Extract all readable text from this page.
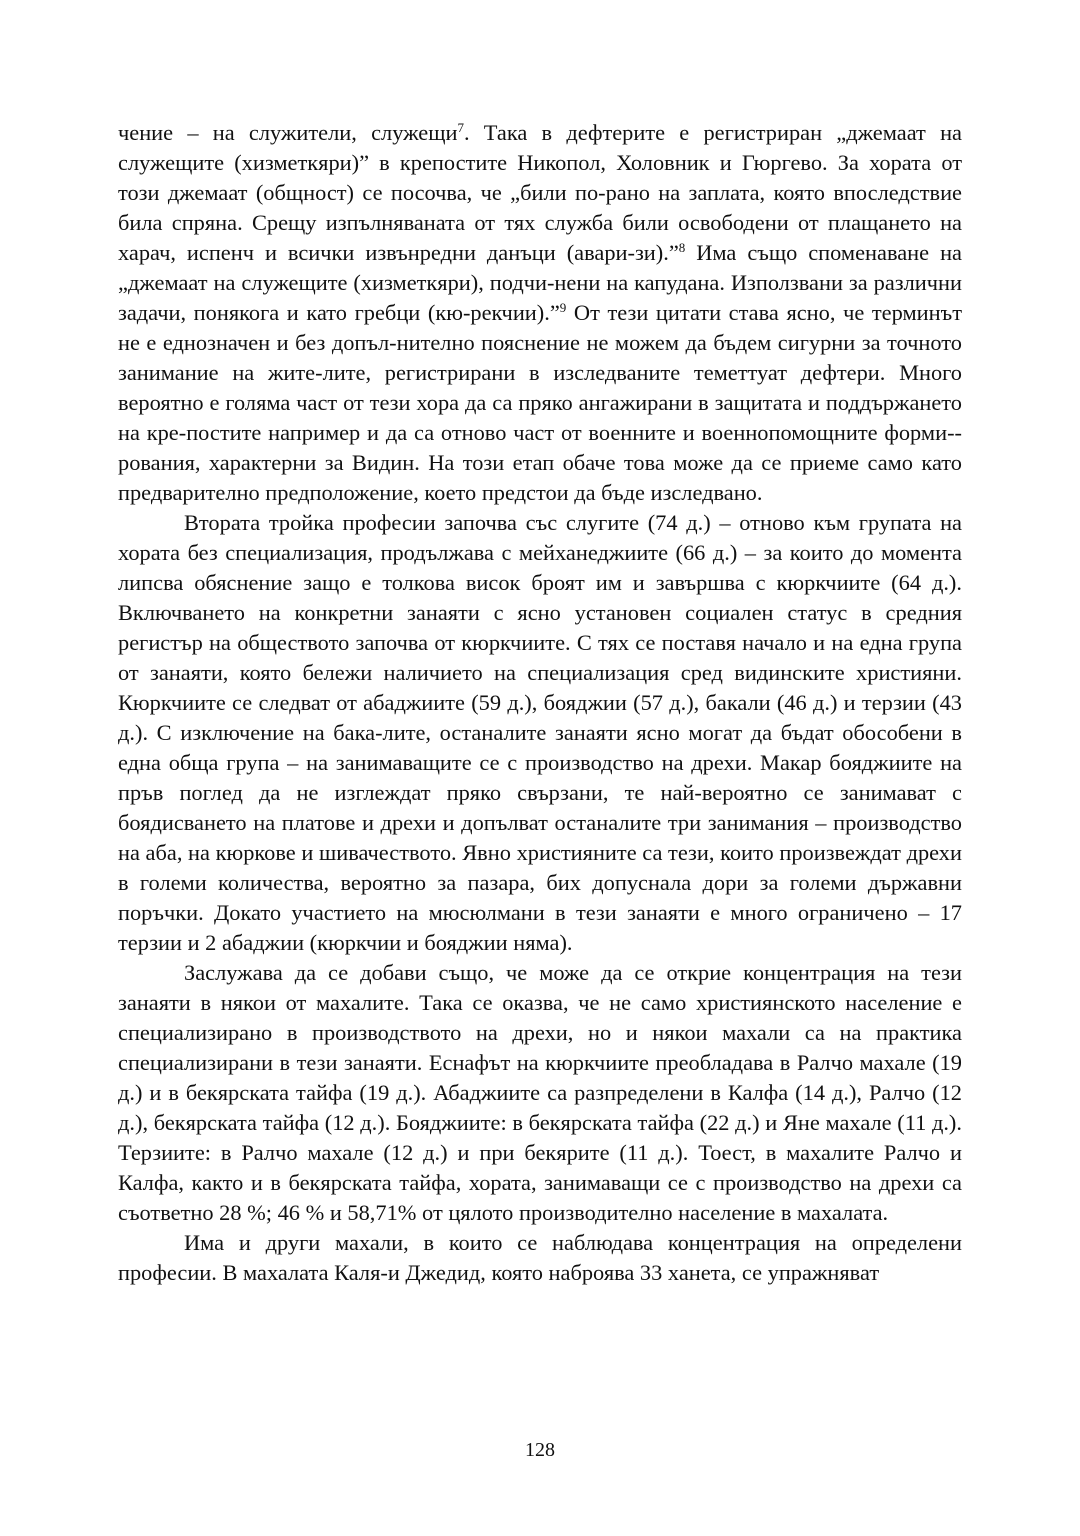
чение – на служители, служещи$^7$. Така в дефтерите е регистриран „джемаат на служещите (хизметкяри)” в крепостите Никопол, Холовник и Гюргево. За хората от този джемаат (общност) се посочва, че „били по-рано на заплата, която впоследствие била спряна. Срещу изпълняваната от тях служба били освободени от плащането на харач, испенч и всички извънредни данъци (авари-зи).”$^8$ Има също споменаване на „джемаат на служещите (хизметкяри), подчи-нени на капудана. Използвани за различни задачи, понякога и като гребци (кю-рекчии).”$^9$ От тези цитати става ясно, че терминът не е еднозначен и без допъл-нително пояснение не можем да бъдем сигурни за точното занимание на жите-лите, регистрирани в изследваните теметтуат дефтери. Много вероятно е голяма част от тези хора да са пряко ангажирани в защитата и поддържането на кре-постите например и да са отново част от военните и военнопомощните форми-рования, характерни за Видин. На този етап обаче това може да се приеме само като предварително предположение, което предстои да бъде изследвано.

Втората тройка професии започва със слугите (74 д.) – отново към групата на хората без специализация, продължава с мейханеджиите (66 д.) – за които до момента липсва обяснение защо е толкова висок броят им и завършва с кюркчиите (64 д.). Включването на конкретни занаяти с ясно установен социален статус в средния регистър на обществото започва от кюркчиите. С тях се поставя начало и на една група от занаяти, която бележи наличието на специализация сред видинските християни. Кюркчиите се следват от абаджиите (59 д.), бояджии (57 д.), бакали (46 д.) и терзии (43 д.). С изключение на бака-лите, останалите занаяти ясно могат да бъдат обособени в една обща група – на занимаващите се с производство на дрехи. Макар бояджиите на пръв поглед да не изглеждат пряко свързани, те най-вероятно се занимават с боядисването на платове и дрехи и допълват останалите три занимания – производство на аба, на кюркове и шивачеството. Явно християните са тези, които произвеждат дрехи в големи количества, вероятно за пазара, бих допуснала дори за големи държавни поръчки. Докато участието на мюсюлмани в тези занаяти е много ограничено – 17 терзии и 2 абаджии (кюркчии и бояджии няма).

Заслужава да се добави също, че може да се открие концентрация на тези занаяти в някои от махалите. Така се оказва, че не само християнското население е специализирано в производството на дрехи, но и някои махали са на практика специализирани в тези занаяти. Еснафът на кюркчиите преобладава в Ралчо махале (19 д.) и в бекярската тайфа (19 д.). Абаджиите са разпределени в Калфа (14 д.), Ралчо (12 д.), бекярската тайфа (12 д.). Бояджиите: в бекярската тайфа (22 д.) и Яне махале (11 д.). Терзиите: в Ралчо махале (12 д.) и при бекярите (11 д.). Тоест, в махалите Ралчо и Калфа, както и в бекярската тайфа, хората, занимаващи се с производство на дрехи са съответно 28 %; 46 % и 58,71% от цялото производително население в махалата.

Има и други махали, в които се наблюдава концентрация на определени професии. В махалата Каля-и Джедид, която наброява 33 ханета, се упражняват

128
